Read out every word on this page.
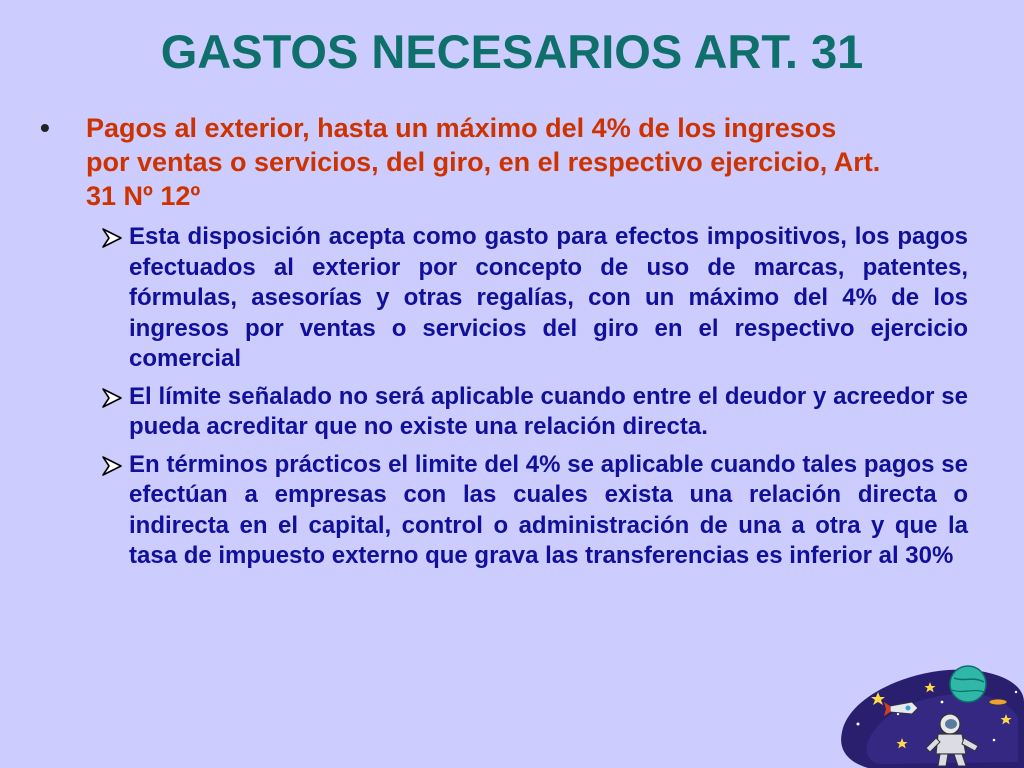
GASTOS NECESARIOS ART. 31
•	Pagos al exterior, hasta un máximo del 4% de los ingresos por ventas o servicios, del giro, en el respectivo ejercicio, Art. 31 Nº 12º
Esta disposición acepta como gasto para efectos impositivos, los pagos efectuados al exterior por concepto de uso de marcas, patentes, fórmulas, asesorías y otras regalías, con un máximo del 4% de los ingresos por ventas o servicios del giro en el respectivo ejercicio comercial
El límite señalado no será aplicable cuando entre el deudor y acreedor se pueda acreditar que no existe una relación directa.
En términos prácticos el limite del 4% se aplicable cuando tales pagos se efectúan a empresas con las cuales exista una relación directa o indirecta en el capital, control o administración de una a otra y que la tasa de impuesto externo que grava las transferencias es inferior al 30%
